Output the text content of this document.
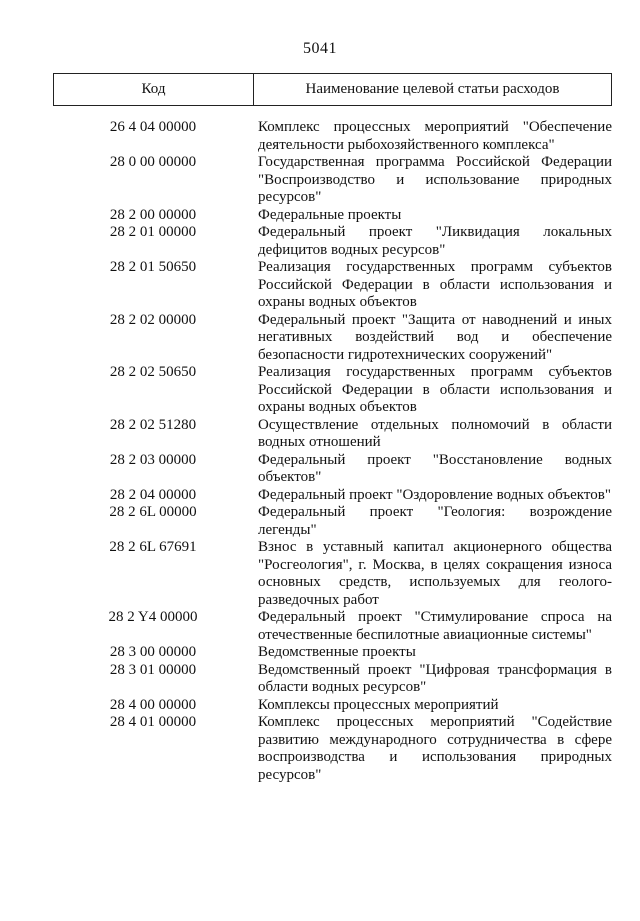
5041
Код	Наименование целевой статьи расходов
26 4 04 00000	Комплекс процессных мероприятий "Обеспечение деятельности рыбохозяйственного комплекса"
28 0 00 00000	Государственная программа Российской Федерации "Воспроизводство и использование природных ресурсов"
28 2 00 00000	Федеральные проекты
28 2 01 00000	Федеральный проект "Ликвидация локальных дефицитов водных ресурсов"
28 2 01 50650	Реализация государственных программ субъектов Российской Федерации в области использования и охраны водных объектов
28 2 02 00000	Федеральный проект "Защита от наводнений и иных негативных воздействий вод и обеспечение безопасности гидротехнических сооружений"
28 2 02 50650	Реализация государственных программ субъектов Российской Федерации в области использования и охраны водных объектов
28 2 02 51280	Осуществление отдельных полномочий в области водных отношений
28 2 03 00000	Федеральный проект "Восстановление водных объектов"
28 2 04 00000	Федеральный проект "Оздоровление водных объектов"
28 2 6L 00000	Федеральный проект "Геология: возрождение легенды"
28 2 6L 67691	Взнос в уставный капитал акционерного общества "Росгеология", г. Москва, в целях сокращения износа основных средств, используемых для геолого-разведочных работ
28 2 Y4 00000	Федеральный проект "Стимулирование спроса на отечественные беспилотные авиационные системы"
28 3 00 00000	Ведомственные проекты
28 3 01 00000	Ведомственный проект "Цифровая трансформация в области водных ресурсов"
28 4 00 00000	Комплексы процессных мероприятий
28 4 01 00000	Комплекс процессных мероприятий "Содействие развитию международного сотрудничества в сфере воспроизводства и использования природных ресурсов"
